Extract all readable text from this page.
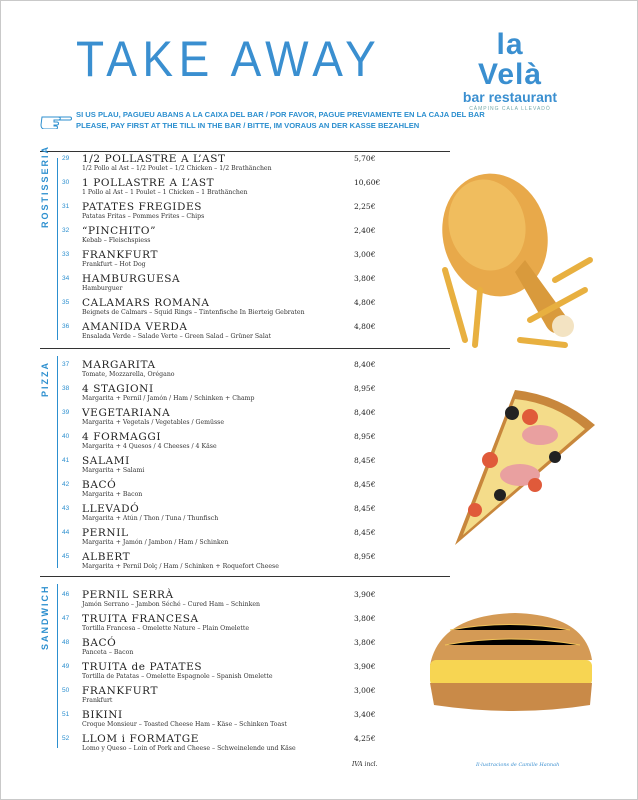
TAKE AWAY	la Velà
bar restaurant
CÀMPING CALA LLEVADÓ
SI US PLAU, PAGUEU ABANS A LA CAIXA DEL BAR / POR FAVOR, PAGUE PREVIAMENTE EN LA CAJA DEL BAR
PLEASE, PAY FIRST AT THE TILL IN THE BAR / BITTE, IM VORAUS AN DER KASSE BEZAHLEN
ROSTISSERIA
PIZZA
SANDWICH
29	1/2 POLLASTRE A L’AST
1/2 Pollo al Ast – 1/2 Poulet – 1/2 Chicken – 1/2 Brathänchen
5,70€
30	1 POLLASTRE A L’AST
1 Pollo al Ast – 1 Poulet – 1 Chicken – 1 Brathänchen
10,60€
31	PATATES FREGIDES
Patatas Fritas – Pommes Frites – Chips
2,25€
32	“PINCHITO”
Kebab – Fleischspiess
2,40€
33	FRANKFURT
Frankfurt – Hot Dog
3,00€
34	HAMBURGUESA
Hamburguer
3,80€
35	CALAMARS ROMANA
Beignets de Calmars – Squid Rings – Tintenfische In Bierteig Gebraten
4,80€
36	AMANIDA VERDA
Ensalada Verde – Salade Verte – Green Salad – Grüner Salat
4,80€
37	MARGARITA
Tomate, Mozzarella, Orégano
8,40€
38	4 STAGIONI
Margarita + Pernil / Jamón / Ham / Schinken + Champ
8,95€
39	VEGETARIANA
Margarita + Vegetals / Vegetables / Gemüsse
8,40€
40	4 FORMAGGI
Margarita + 4 Quesos / 4 Cheeses / 4 Käse
8,95€
41	SALAMI
Margarita + Salami
8,45€
42	BACÓ
Margarita + Bacon
8,45€
43	LLEVADÓ
Margarita + Atún / Thon / Tuna / Thunfisch
8,45€
44	PERNIL
Margarita + Jamón / Jambon / Ham / Schinken
8,45€
45	ALBERT
Margarita + Pernil Dolç / Ham / Schinken + Roquefort Cheese
8,95€
46	PERNIL SERRÀ
Jamón Serrano – Jambon Séché – Cured Ham – Schinken
3,90€
47	TRUITA FRANCESA
Tortilla Francesa – Omelette Nature – Plain Omelette
3,80€
48	BACÓ
Panceta – Bacon
3,80€
49	TRUITA de PATATES
Tortilla de Patatas – Omelette Espagnole – Spanish Omelette
3,90€
50	FRANKFURT
Frankfurt
3,00€
51	BIKINI
Croque Monsieur – Toasted Cheese Ham – Käse – Schinken Toast
3,40€
52	LLOM i FORMATGE
Lomo y Queso – Loin of Pork and Cheese – Schweinelende und Käse
4,25€
IVA incl.	Il·lustracions de Camille Hannah
